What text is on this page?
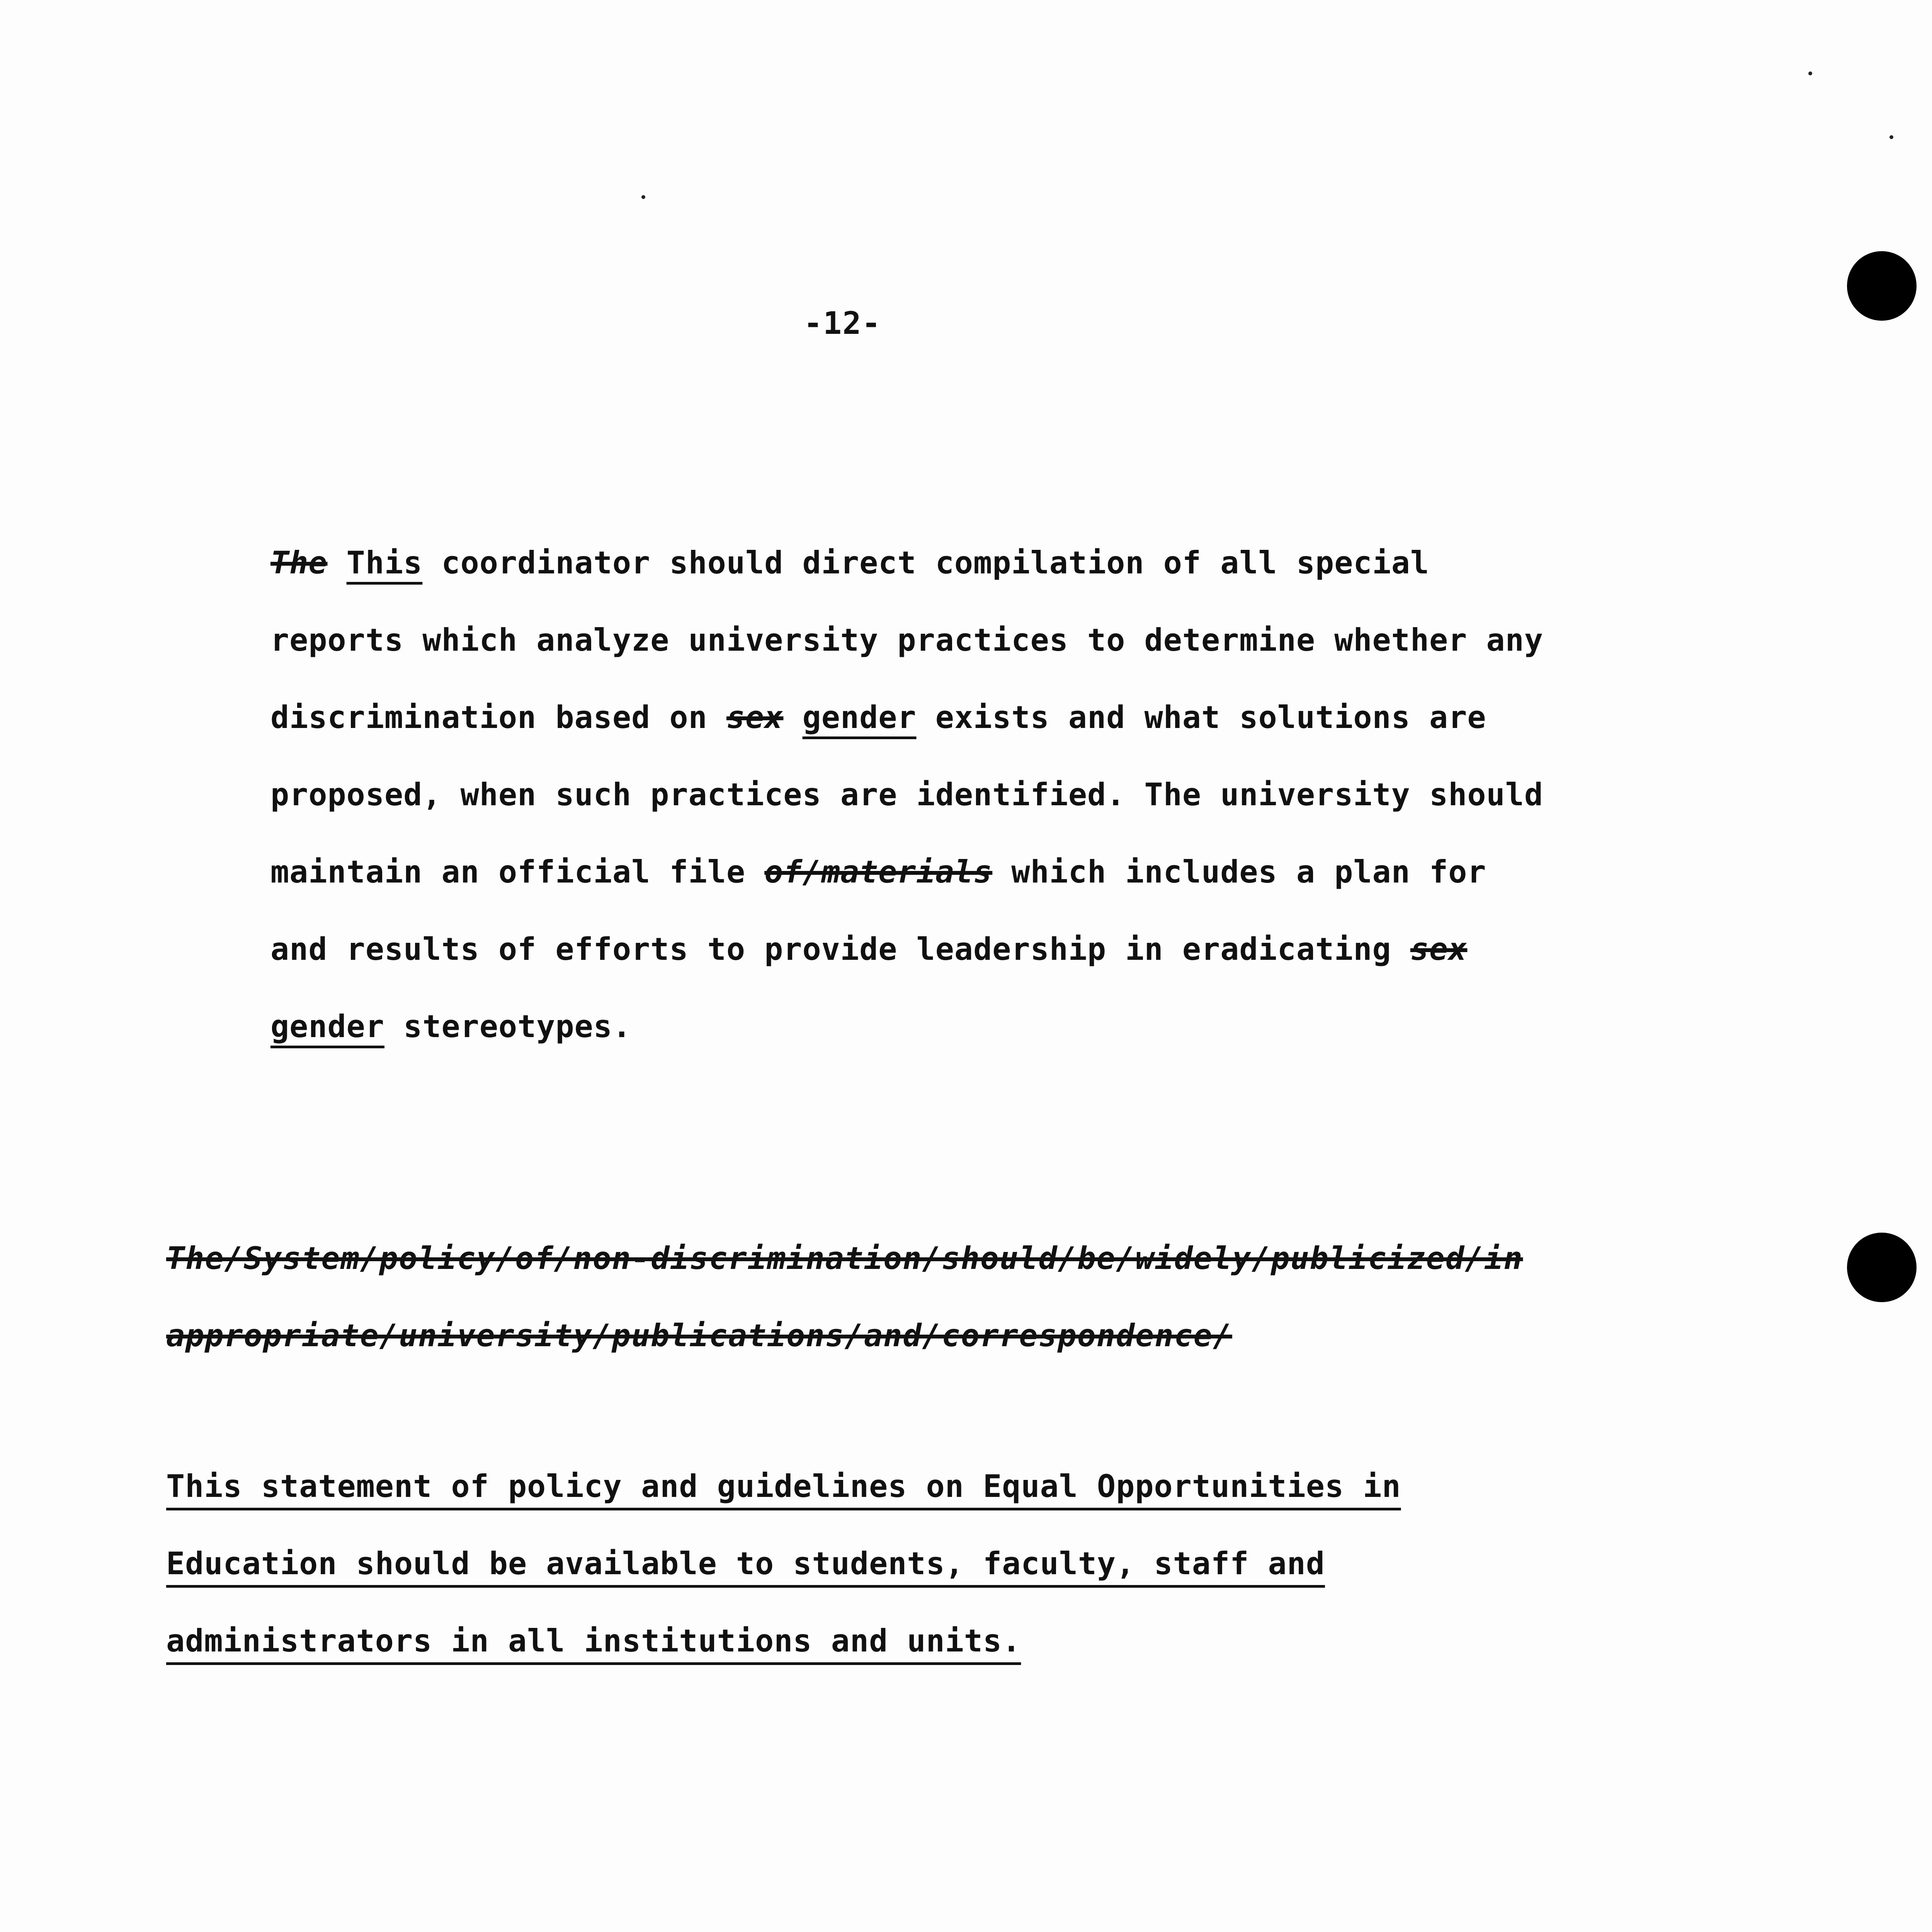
-12-
The This coordinator should direct compilation of all special
reports which analyze university practices to determine whether any
discrimination based on sex gender exists and what solutions are
proposed, when such practices are identified. The university should
maintain an official file of/materials which includes a plan for
and results of efforts to provide leadership in eradicating sex
gender stereotypes.
The/System/policy/of/non-discrimination/should/be/widely/publicized/in
appropriate/university/publications/and/correspondence/
This statement of policy and guidelines on Equal Opportunities in
Education should be available to students, faculty, staff and
administrators in all institutions and units.
